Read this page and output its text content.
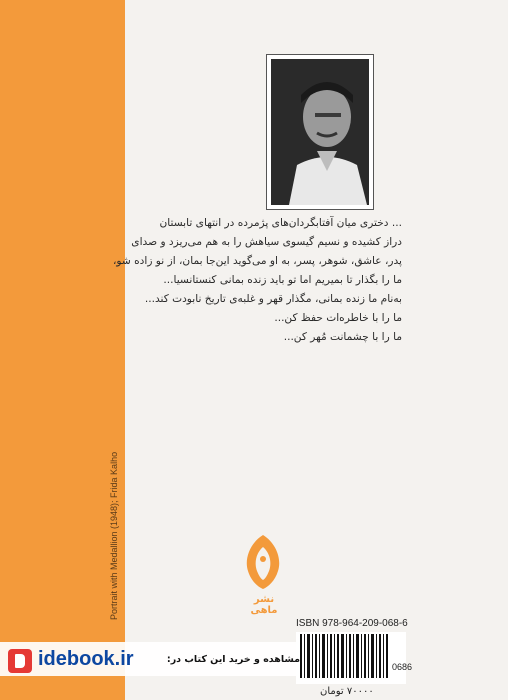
Portrait with Medallion (1948); Frida Kalho

... دختری میان آفتابگردان‌های پژمرده در انتهای تابستان

دراز کشیده و نسیم گیسوی سیاهش را به هم می‌ریزد و صدای

پدر، عاشق، شوهر، پسر، به او می‌گوید این‌جا بمان، از نو زاده شو،

ما را بگذار تا بمیریم اما تو باید زنده بمانی کنستانسیا...

به‌نام ما زنده بمانی، مگذار قهر و غلبه‌ی تاریخ نابودت کند...

ما را با خاطره‌ات حفظ کن...

ما را با چشمانت مُهر کن...

نشر ماهی
ISBN 978-964-209-068-6
0686
idebook.ir	مشاهده و خرید این کتاب در:
۷۰۰۰۰ تومان
